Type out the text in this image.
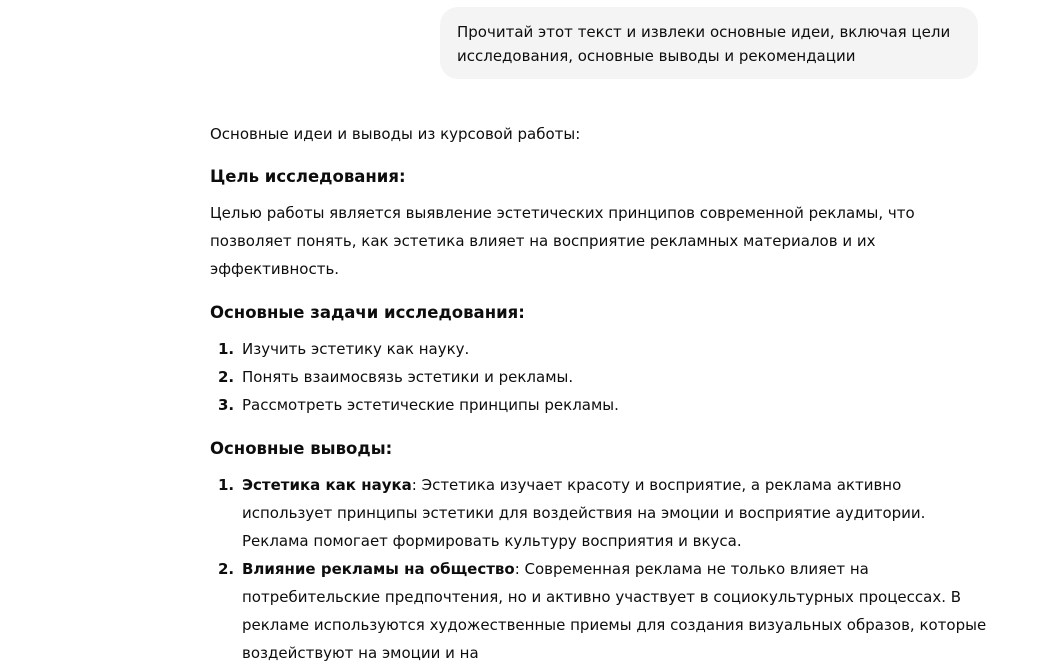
Прочитай этот текст и извлеки основные идеи, включая цели исследования, основные выводы и рекомендации

Основные идеи и выводы из курсовой работы:

Цель исследования:

Целью работы является выявление эстетических принципов современной рекламы, что позволяет понять, как эстетика влияет на восприятие рекламных материалов и их эффективность.

Основные задачи исследования:
1. Изучить эстетику как науку.
2. Понять взаимосвязь эстетики и рекламы.
3. Рассмотреть эстетические принципы рекламы.
Основные выводы:
1. Эстетика как наука: Эстетика изучает красоту и восприятие, а реклама активно использует принципы эстетики для воздействия на эмоции и восприятие аудитории. Реклама помогает формировать культуру восприятия и вкуса.
2. Влияние рекламы на общество: Современная реклама не только влияет на потребительские предпочтения, но и активно участвует в социокультурных процессах. В рекламе используются художественные приемы для создания визуальных образов, которые воздействуют на эмоции и на
